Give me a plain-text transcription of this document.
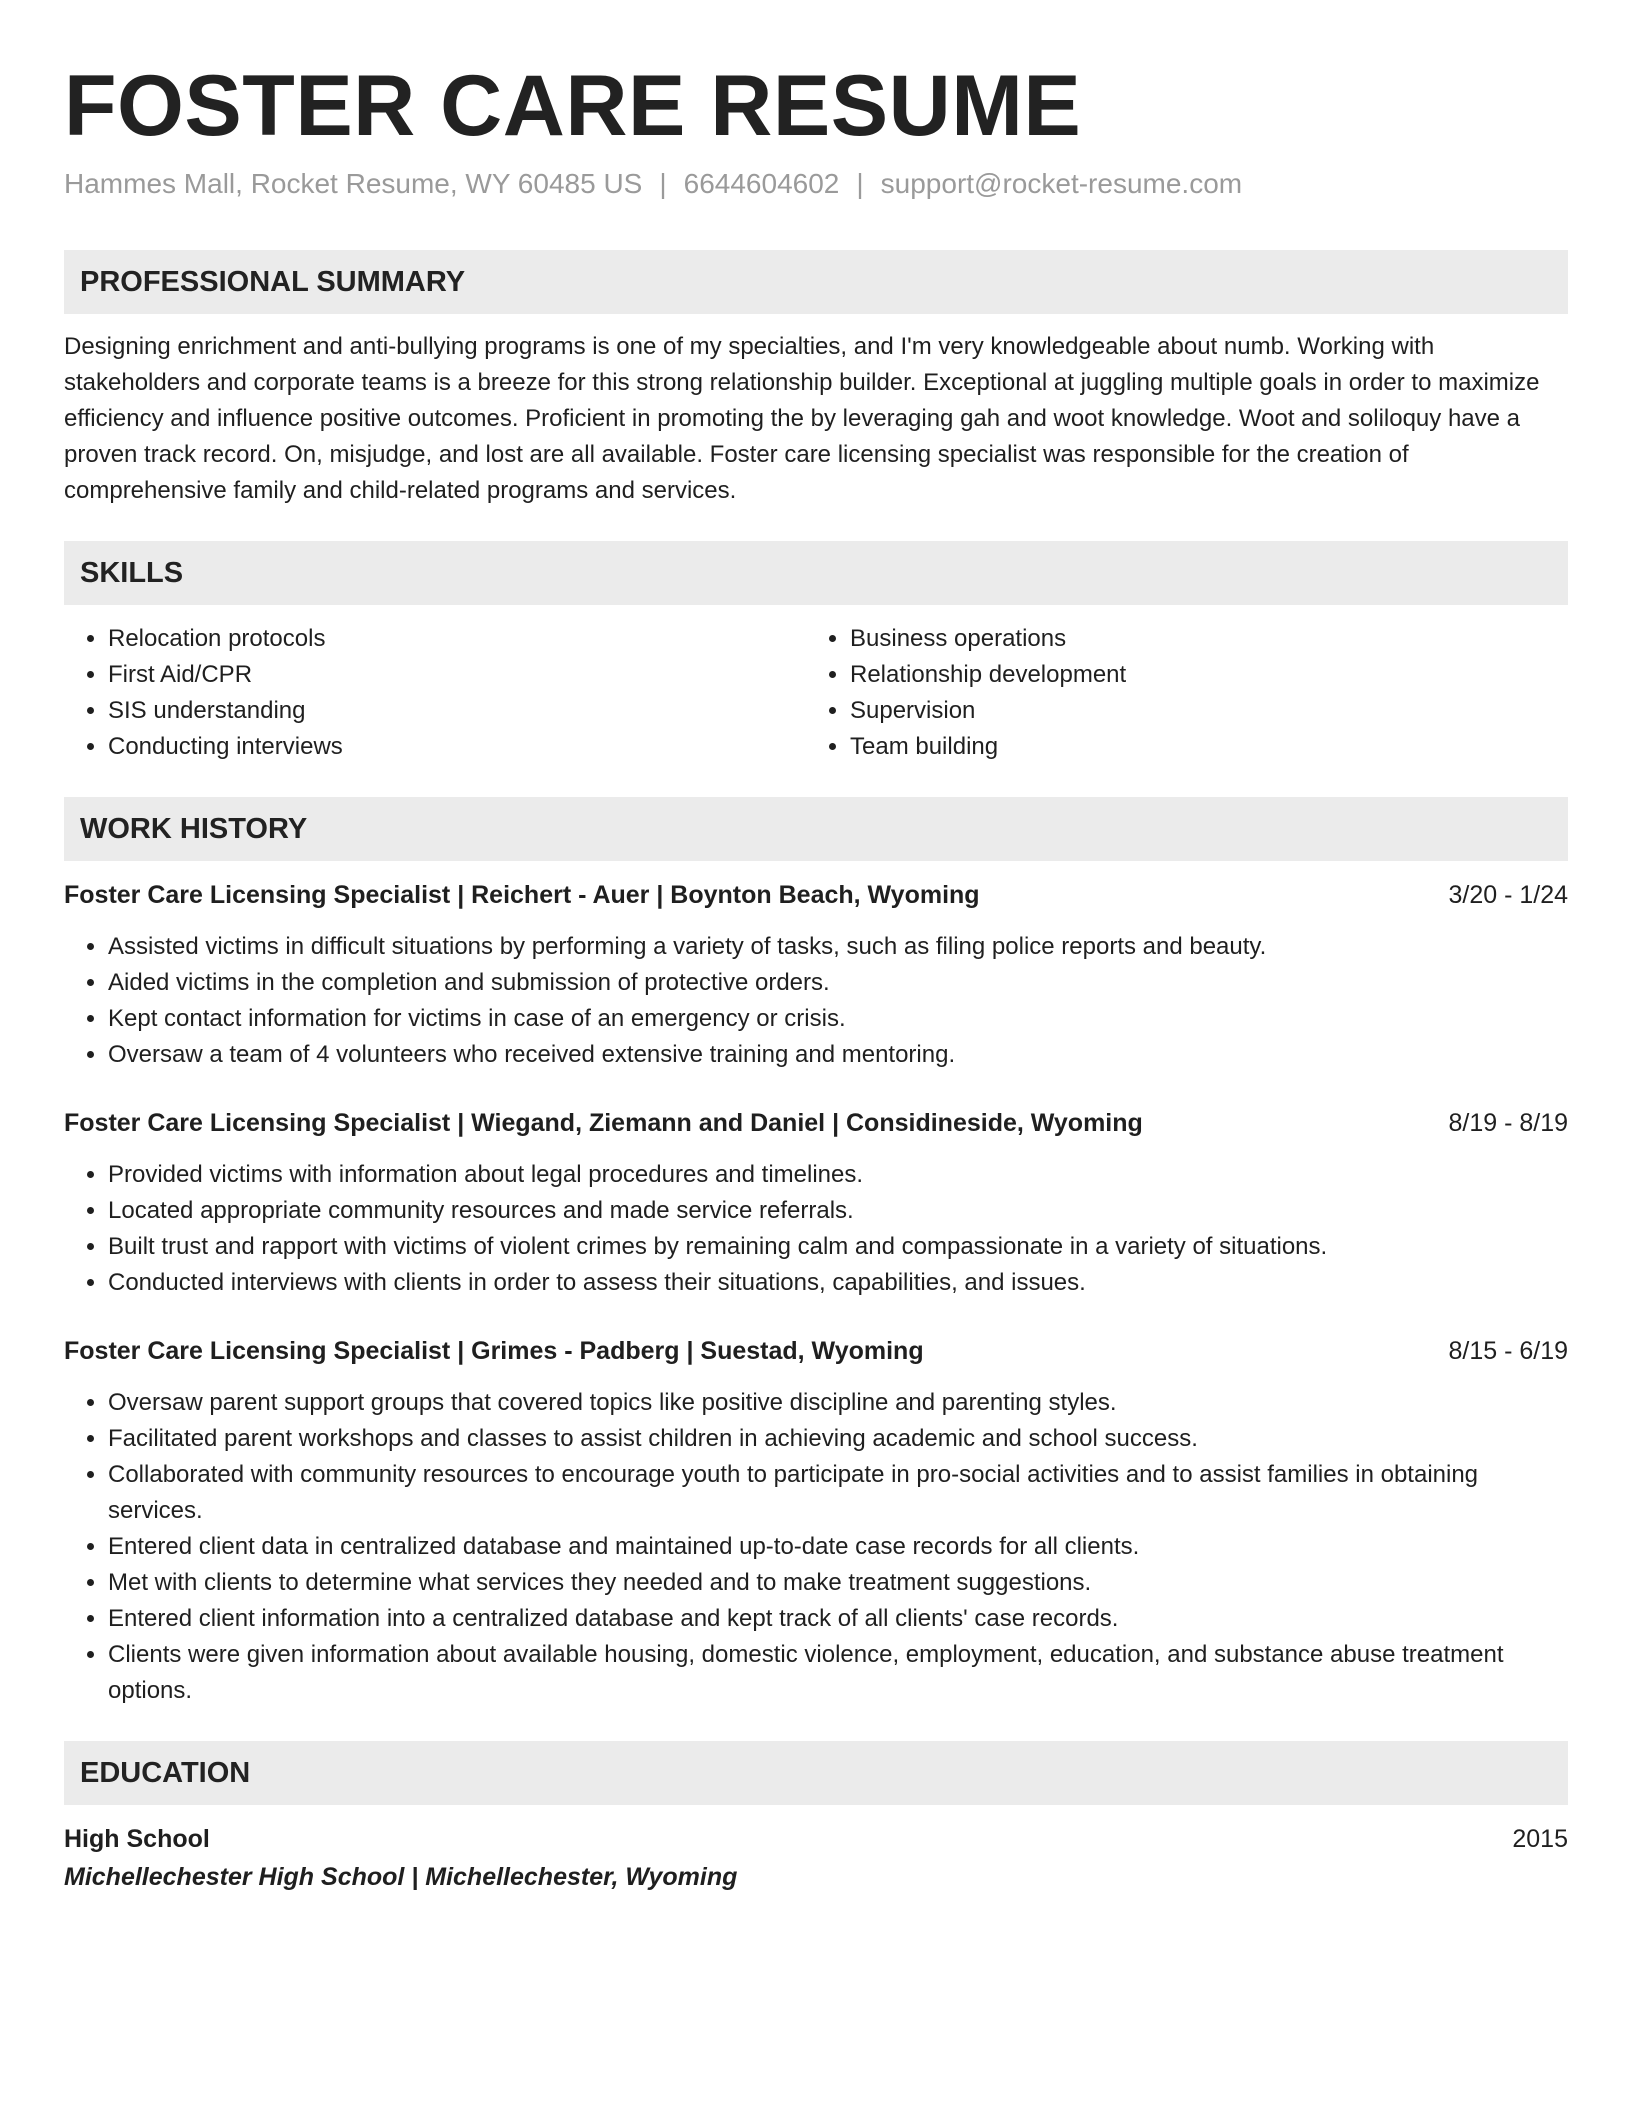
FOSTER CARE RESUME
Hammes Mall, Rocket Resume, WY 60485 US | 6644604602 | support@rocket-resume.com
PROFESSIONAL SUMMARY

Designing enrichment and anti-bullying programs is one of my specialties, and I'm very knowledgeable about numb. Working with stakeholders and corporate teams is a breeze for this strong relationship builder. Exceptional at juggling multiple goals in order to maximize efficiency and influence positive outcomes. Proficient in promoting the by leveraging gah and woot knowledge. Woot and soliloquy have a proven track record. On, misjudge, and lost are all available. Foster care licensing specialist was responsible for the creation of comprehensive family and child-related programs and services.

SKILLS
• Relocation protocols
• First Aid/CPR
• SIS understanding
• Conducting interviews
• Business operations
• Relationship development
• Supervision
• Team building
WORK HISTORY
Foster Care Licensing Specialist | Reichert - Auer | Boynton Beach, Wyoming	3/20 - 1/24
• Assisted victims in difficult situations by performing a variety of tasks, such as filing police reports and beauty.
• Aided victims in the completion and submission of protective orders.
• Kept contact information for victims in case of an emergency or crisis.
• Oversaw a team of 4 volunteers who received extensive training and mentoring.
Foster Care Licensing Specialist | Wiegand, Ziemann and Daniel | Considineside, Wyoming	8/19 - 8/19
• Provided victims with information about legal procedures and timelines.
• Located appropriate community resources and made service referrals.
• Built trust and rapport with victims of violent crimes by remaining calm and compassionate in a variety of situations.
• Conducted interviews with clients in order to assess their situations, capabilities, and issues.
Foster Care Licensing Specialist | Grimes - Padberg | Suestad, Wyoming	8/15 - 6/19
• Oversaw parent support groups that covered topics like positive discipline and parenting styles.
• Facilitated parent workshops and classes to assist children in achieving academic and school success.
• Collaborated with community resources to encourage youth to participate in pro-social activities and to assist families in obtaining services.
• Entered client data in centralized database and maintained up-to-date case records for all clients.
• Met with clients to determine what services they needed and to make treatment suggestions.
• Entered client information into a centralized database and kept track of all clients' case records.
• Clients were given information about available housing, domestic violence, employment, education, and substance abuse treatment options.
EDUCATION
High School	2015
Michellechester High School | Michellechester, Wyoming
